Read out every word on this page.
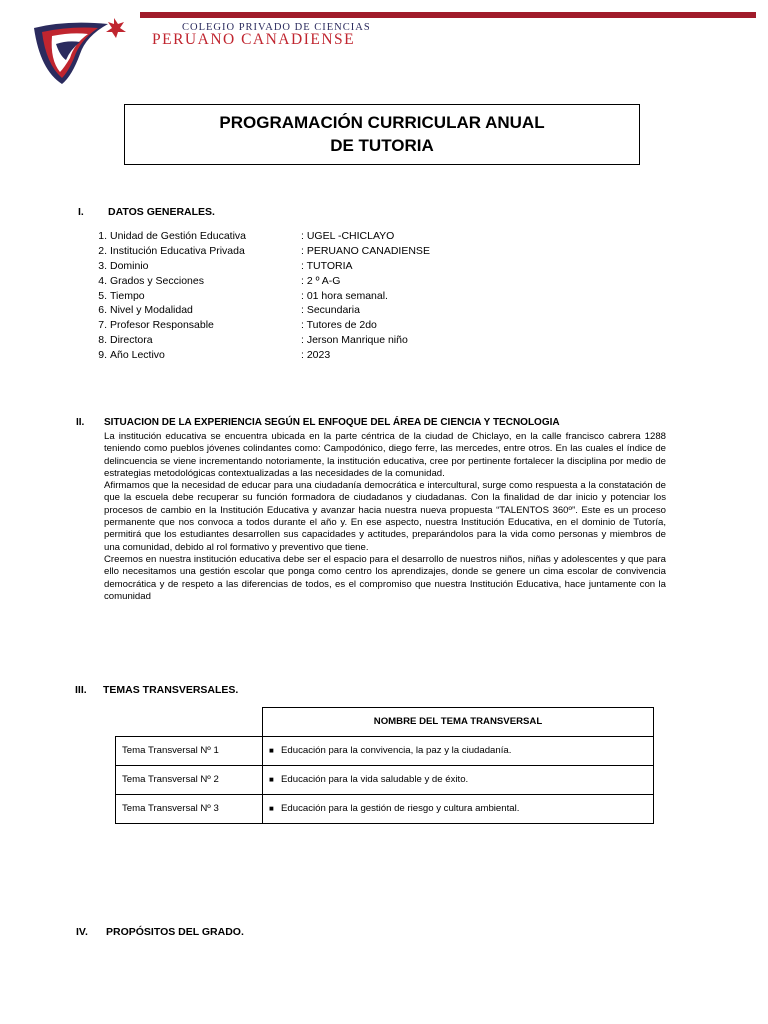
COLEGIO PRIVADO DE CIENCIAS
PERUANO CANADIENSE
PROGRAMACIÓN CURRICULAR ANUAL
DE TUTORIA
I. DATOS GENERALES.
1. Unidad de Gestión Educativa	: UGEL -CHICLAYO
2. Institución Educativa Privada	: PERUANO CANADIENSE
3. Dominio	: TUTORIA
4. Grados y Secciones	: 2 º A-G
5. Tiempo	: 01 hora semanal.
6. Nivel y Modalidad	: Secundaria
7. Profesor Responsable	: Tutores de 2do
8. Directora	: Jerson Manrique niño
9. Año Lectivo	: 2023
II. SITUACION DE LA EXPERIENCIA SEGÚN EL ENFOQUE DEL ÁREA DE CIENCIA Y TECNOLOGIA

La institución educativa se encuentra ubicada en la parte céntrica de la ciudad de Chiclayo, en la calle francisco cabrera 1288 teniendo como pueblos jóvenes colindantes como: Campodónico, diego ferre, las mercedes, entre otros. En las cuales el índice de delincuencia se viene incrementando notoriamente, la institución educativa, cree por pertinente fortalecer la disciplina por medio de estrategias metodológicas contextualizadas a las necesidades de la comunidad.

Afirmamos que la necesidad de educar para una ciudadanía democrática e intercultural, surge como respuesta a la constatación de que la escuela debe recuperar su función formadora de ciudadanos y ciudadanas. Con la finalidad de dar inicio y potenciar los procesos de cambio en la Institución Educativa y avanzar hacia nuestra nueva propuesta “TALENTOS 360º”. Este es un proceso permanente que nos convoca a todos durante el año y. En ese aspecto, nuestra Institución Educativa, en el dominio de Tutoría, permitirá que los estudiantes desarrollen sus capacidades y actitudes, preparándolos para la vida como personas y miembros de una comunidad, debido al rol formativo y preventivo que tiene.

Creemos en nuestra institución educativa debe ser el espacio para el desarrollo de nuestros niños, niñas y adolescentes y que para ello necesitamos una gestión escolar que ponga como centro los aprendizajes, donde se genere un cima escolar de convivencia democrática y de respeto a las diferencias de todos, es el compromiso que nuestra Institución Educativa, hace juntamente con la comunidad

III. TEMAS TRANSVERSALES.
	NOMBRE DEL TEMA TRANSVERSAL
Tema Transversal Nº 1	■ Educación para la convivencia, la paz y la ciudadanía.
Tema Transversal Nº 2	■ Educación para la vida saludable y de éxito.
Tema Transversal Nº 3	■ Educación para la gestión de riesgo y cultura ambiental.
IV. PROPÓSITOS DEL GRADO.
